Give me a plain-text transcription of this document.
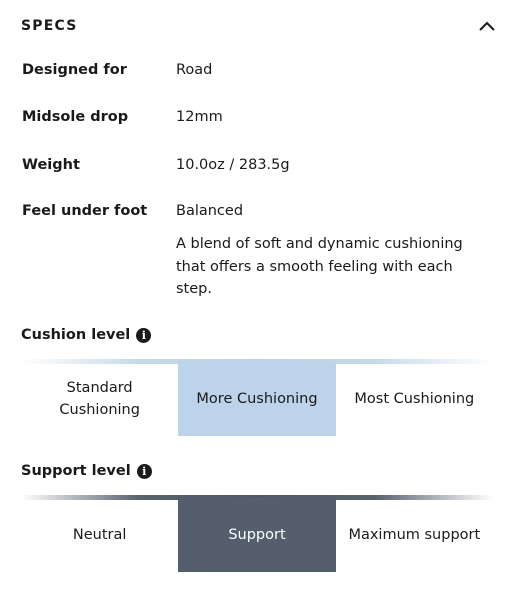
SPECS
Designed for	Road
Midsole drop	12mm
Weight	10.0oz / 283.5g
Feel under foot	Balanced
A blend of soft and dynamic cushioning that offers a smooth feeling with each step.
Cushion level	i
Standard Cushioning
More Cushioning	Most Cushioning
Support level	i
Neutral	Support	Maximum support
